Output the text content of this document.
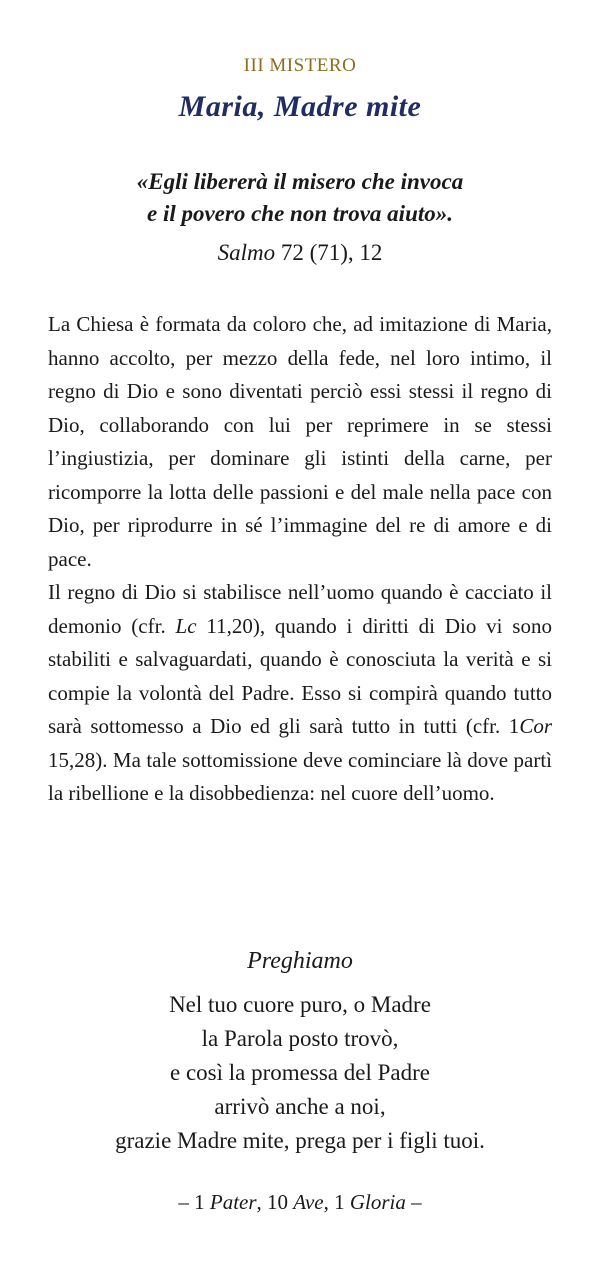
III MISTERO
Maria, Madre mite
«Egli libererà il misero che invoca
e il povero che non trova aiuto».
Salmo 72 (71), 12

La Chiesa è formata da coloro che, ad imitazione di Maria, hanno accolto, per mezzo della fede, nel loro intimo, il regno di Dio e sono diventati perciò essi stessi il regno di Dio, collaborando con lui per reprimere in se stessi l’ingiustizia, per dominare gli istinti della carne, per ricomporre la lotta delle passioni e del male nella pace con Dio, per riprodurre in sé l’immagine del re di amore e di pace.

Il regno di Dio si stabilisce nell’uomo quando è cacciato il demonio (cfr. Lc 11,20), quando i diritti di Dio vi sono stabiliti e salvaguardati, quando è conosciuta la verità e si compie la volontà del Padre. Esso si compirà quando tutto sarà sottomesso a Dio ed gli sarà tutto in tutti (cfr. 1Cor 15,28). Ma tale sottomissione deve cominciare là dove partì la ribellione e la disobbedienza: nel cuore dell’uomo.

Preghiamo
Nel tuo cuore puro, o Madre
la Parola posto trovò,
e così la promessa del Padre
arrivò anche a noi,
grazie Madre mite, prega per i figli tuoi.
– 1 Pater, 10 Ave, 1 Gloria –
